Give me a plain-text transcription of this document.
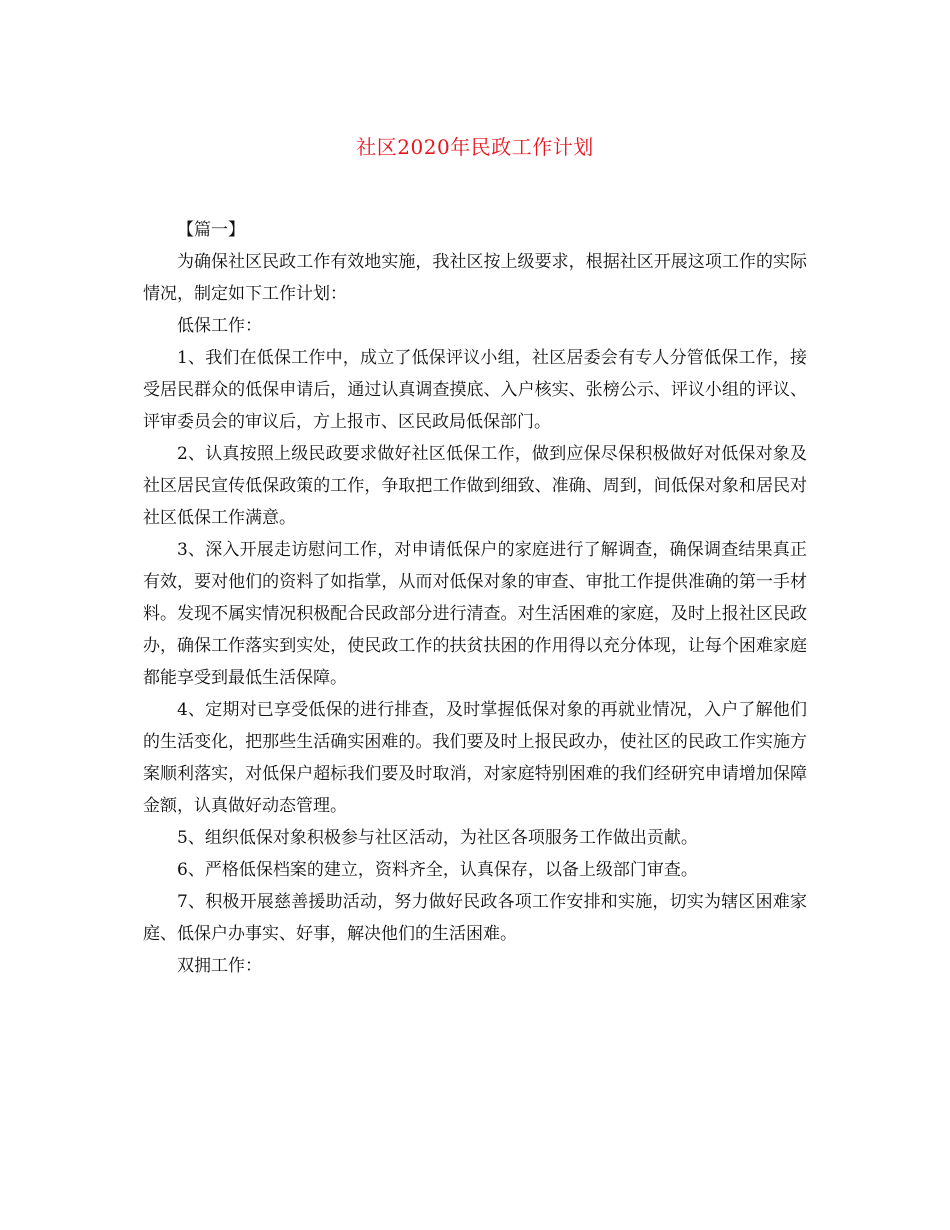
社区2020年民政工作计划

【篇一】

为确保社区民政工作有效地实施，我社区按上级要求，根据社区开展这项工作的实际情况，制定如下工作计划：

低保工作：

1、我们在低保工作中，成立了低保评议小组，社区居委会有专人分管低保工作，接受居民群众的低保申请后，通过认真调查摸底、入户核实、张榜公示、评议小组的评议、评审委员会的审议后，方上报市、区民政局低保部门。

2、认真按照上级民政要求做好社区低保工作，做到应保尽保积极做好对低保对象及社区居民宣传低保政策的工作，争取把工作做到细致、准确、周到，间低保对象和居民对社区低保工作满意。

3、深入开展走访慰问工作，对申请低保户的家庭进行了解调查，确保调查结果真正有效，要对他们的资料了如指掌，从而对低保对象的审查、审批工作提供准确的第一手材料。发现不属实情况积极配合民政部分进行清查。对生活困难的家庭，及时上报社区民政办，确保工作落实到实处，使民政工作的扶贫扶困的作用得以充分体现，让每个困难家庭都能享受到最低生活保障。

4、定期对已享受低保的进行排查，及时掌握低保对象的再就业情况，入户了解他们的生活变化，把那些生活确实困难的。我们要及时上报民政办，使社区的民政工作实施方案顺利落实，对低保户超标我们要及时取消，对家庭特别困难的我们经研究申请增加保障金额，认真做好动态管理。

5、组织低保对象积极参与社区活动，为社区各项服务工作做出贡献。

6、严格低保档案的建立，资料齐全，认真保存，以备上级部门审查。

7、积极开展慈善援助活动，努力做好民政各项工作安排和实施，切实为辖区困难家庭、低保户办事实、好事，解决他们的生活困难。

双拥工作：
